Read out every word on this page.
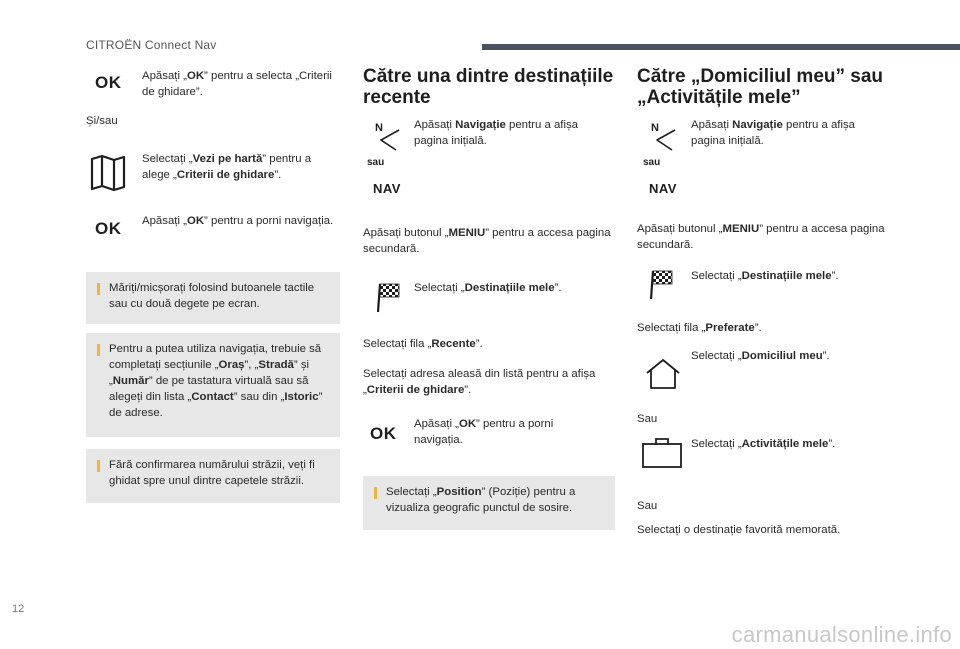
CITROËN Connect Nav
OK Apăsați „OK” pentru a selecta „Criterii de ghidare”.
Și/sau
Selectați „Vezi pe hartă” pentru a alege „Criterii de ghidare”.
OK Apăsați „OK” pentru a porni navigația.
Măriți/micșorați folosind butoanele tactile sau cu două degete pe ecran.
Pentru a putea utiliza navigația, trebuie să completați secțiunile „Oraș”, „Stradă” și „Număr” de pe tastatura virtuală sau să alegeți din lista „Contact” sau din „Istoric” de adrese.
Fără confirmarea numărului străzii, veți fi ghidat spre unul dintre capetele străzii.
Către una dintre destinațiile recente
N
sau
NAV
Apăsați Navigație pentru a afișa pagina inițială.
Apăsați butonul „MENIU” pentru a accesa pagina secundară.
Selectați „Destinațiile mele”.
Selectați fila „Recente”.
Selectați adresa aleasă din listă pentru a afișa „Criterii de ghidare”.
OK Apăsați „OK” pentru a porni navigația.
Selectați „Position” (Poziție) pentru a vizualiza geografic punctul de sosire.
Către „Domiciliul meu” sau „Activitățile mele”
N
sau
NAV
Apăsați Navigație pentru a afișa pagina inițială.
Apăsați butonul „MENIU” pentru a accesa pagina secundară.
Selectați „Destinațiile mele”.
Selectați fila „Preferate”.
Selectați „Domiciliul meu”.
Sau
Selectați „Activitățile mele”.
Sau
Selectați o destinație favorită memorată.
12
carmanualsonline.info
